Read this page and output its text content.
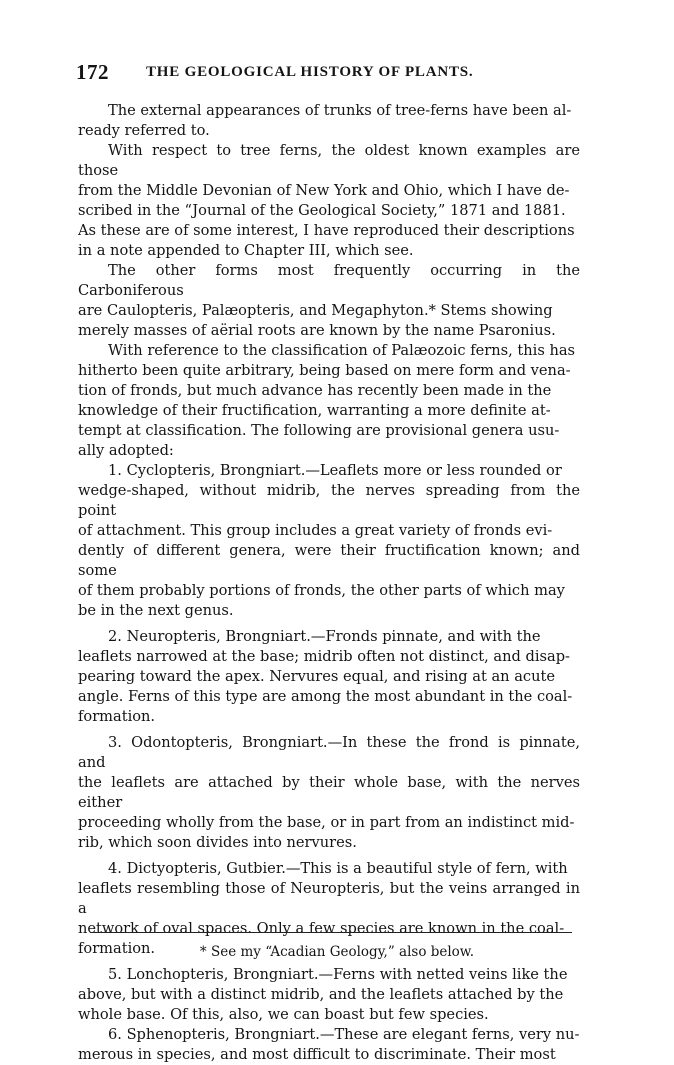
172 THE GEOLOGICAL HISTORY OF PLANTS.

The external appearances of trunks of tree-ferns have been al-
ready referred to.

With respect to tree ferns, the oldest known examples are those
from the Middle Devonian of New York and Ohio, which I have de-
scribed in the “Journal of the Geological Society,” 1871 and 1881.
As these are of some interest, I have reproduced their descriptions
in a note appended to Chapter III, which see.

The other forms most frequently occurring in the Carboniferous
are Caulopteris, Palæopteris, and Megaphyton.* Stems showing
merely masses of aërial roots are known by the name Psaronius.

With reference to the classification of Palæozoic ferns, this has
hitherto been quite arbitrary, being based on mere form and vena-
tion of fronds, but much advance has recently been made in the
knowledge of their fructification, warranting a more definite at-
tempt at classification. The following are provisional genera usu-
ally adopted:

1. Cyclopteris, Brongniart.—Leaflets more or less rounded or
wedge-shaped, without midrib, the nerves spreading from the point
of attachment. This group includes a great variety of fronds evi-
dently of different genera, were their fructification known; and some
of them probably portions of fronds, the other parts of which may
be in the next genus.

2. Neuropteris, Brongniart.—Fronds pinnate, and with the
leaflets narrowed at the base; midrib often not distinct, and disap-
pearing toward the apex. Nervures equal, and rising at an acute
angle. Ferns of this type are among the most abundant in the coal-
formation.

3. Odontopteris, Brongniart.—In these the frond is pinnate, and
the leaflets are attached by their whole base, with the nerves either
proceeding wholly from the base, or in part from an indistinct mid-
rib, which soon divides into nervures.

4. Dictyopteris, Gutbier.—This is a beautiful style of fern, with
leaflets resembling those of Neuropteris, but the veins arranged in a
network of oval spaces. Only a few species are known in the coal-
formation.

5. Lonchopteris, Brongniart.—Ferns with netted veins like the
above, but with a distinct midrib, and the leaflets attached by the
whole base. Of this, also, we can boast but few species.

6. Sphenopteris, Brongniart.—These are elegant ferns, very nu-
merous in species, and most difficult to discriminate. Their most

* See my “Acadian Geology,” also below.
